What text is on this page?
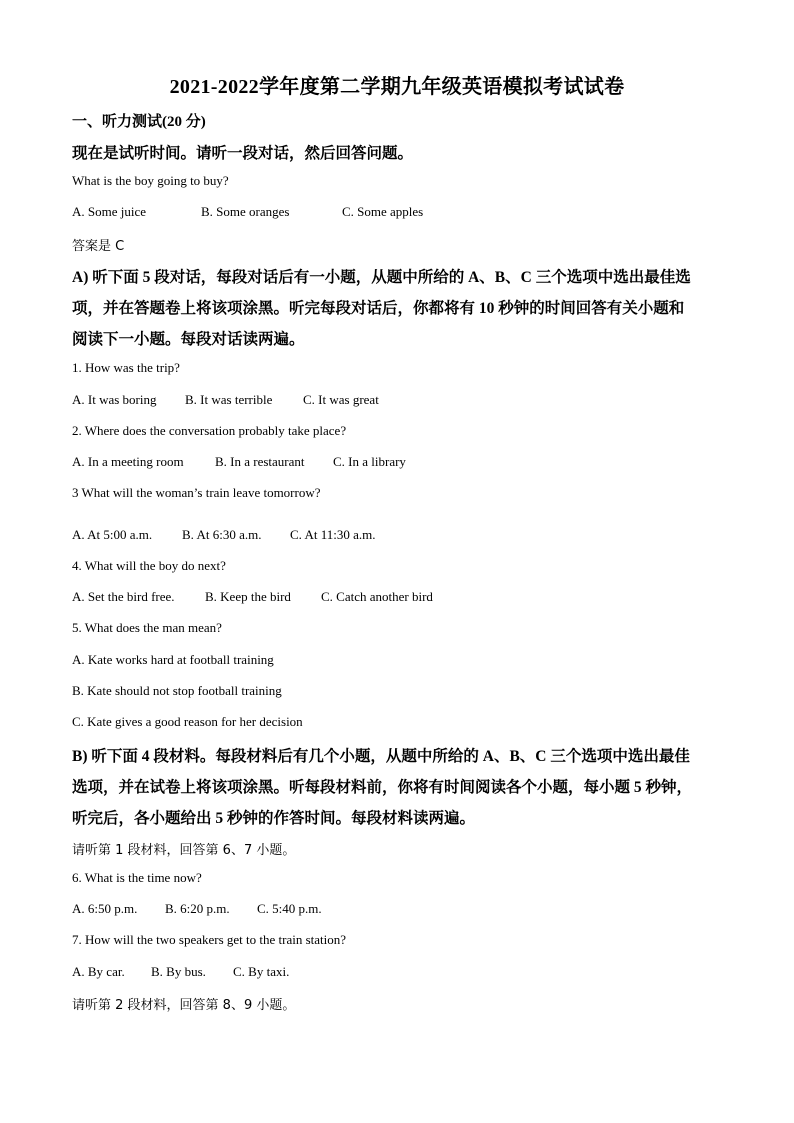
2021-2022学年度第二学期九年级英语模拟考试试卷
一、听力测试(20 分)
现在是试听时间。请听一段对话，然后回答问题。
What is the boy going to buy?
A. Some juice	B. Some oranges	C. Some apples
答案是 C
A) 听下面 5 段对话，每段对话后有一小题，从题中所给的 A、B、C 三个选项中选出最佳选
项，并在答题卷上将该项涂黑。听完每段对话后，你都将有 10 秒钟的时间回答有关小题和
阅读下一小题。每段对话读两遍。
1. How was the trip?
A. It was boring B. It was terrible C. It was great
2. Where does the conversation probably take place?
A. In a meeting room B. In a restaurant C. In a library
3 What will the woman’s train leave tomorrow?
A. At 5:00 a.m. B. At 6:30 a.m. C. At 11:30 a.m.
4. What will the boy do next?
A. Set the bird free. B. Keep the bird C. Catch another bird
5. What does the man mean?
A. Kate works hard at football training
B. Kate should not stop football training
C. Kate gives a good reason for her decision
B) 听下面 4 段材料。每段材料后有几个小题，从题中所给的 A、B、C 三个选项中选出最佳
选项，并在试卷上将该项涂黑。听每段材料前，你将有时间阅读各个小题，每小题 5 秒钟，
听完后，各小题给出 5 秒钟的作答时间。每段材料读两遍。
请听第 1 段材料，回答第 6、7 小题。
6. What is the time now?
A. 6:50 p.m. B. 6:20 p.m. C. 5:40 p.m.
7. How will the two speakers get to the train station?
A. By car. B. By bus. C. By taxi.
请听第 2 段材料，回答第 8、9 小题。
